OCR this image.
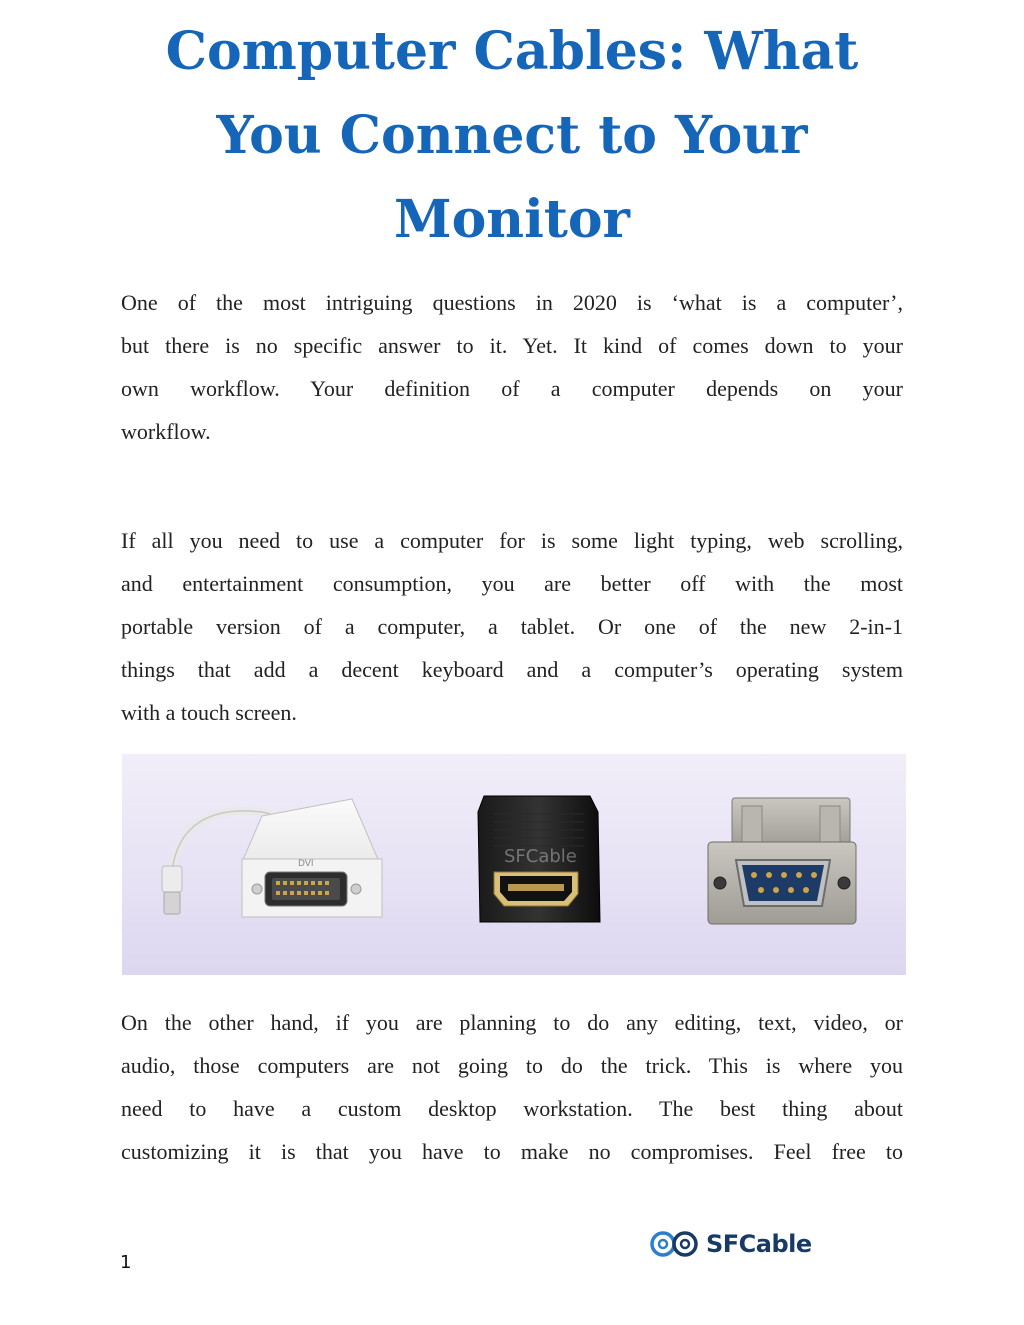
Computer Cables: What
You Connect to Your
Monitor

One of the most intriguing questions in 2020 is ‘what is a computer’,
but there is no specific answer to it. Yet. It kind of comes down to your
own workflow. Your definition of a computer depends on your
workflow.

If all you need to use a computer for is some light typing, web scrolling,
and entertainment consumption, you are better off with the most
portable version of a computer, a tablet. Or one of the new 2-in-1
things that add a decent keyboard and a computer’s operating system
with a touch screen.

DVI	SFCable

On the other hand, if you are planning to do any editing, text, video, or
audio, those computers are not going to do the trick. This is where you
need to have a custom desktop workstation. The best thing about
customizing it is that you have to make no compromises. Feel free to

SFCable
1
